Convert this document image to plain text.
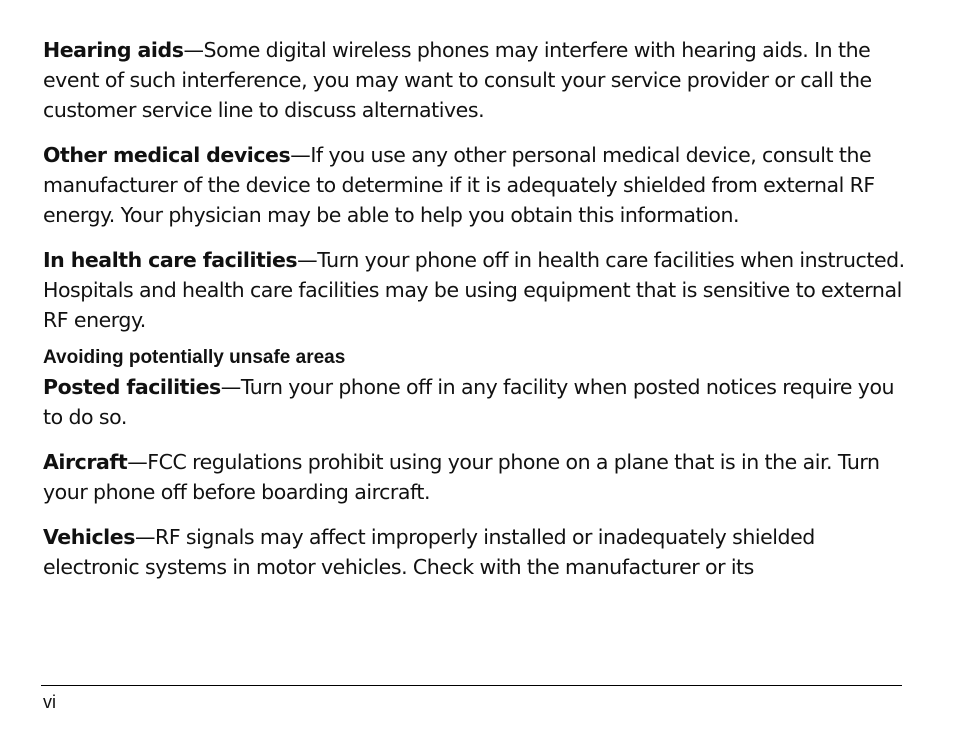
Hearing aids—Some digital wireless phones may interfere with hearing aids. In the event of such interference, you may want to consult your service provider or call the customer service line to discuss alternatives.

Other medical devices—If you use any other personal medical device, consult the manufacturer of the device to determine if it is adequately shielded from external RF energy. Your physician may be able to help you obtain this information.

In health care facilities—Turn your phone off in health care facilities when instructed. Hospitals and health care facilities may be using equipment that is sensitive to external RF energy.

Avoiding potentially unsafe areas

Posted facilities—Turn your phone off in any facility when posted notices require you to do so.

Aircraft—FCC regulations prohibit using your phone on a plane that is in the air. Turn your phone off before boarding aircraft.

Vehicles—RF signals may affect improperly installed or inadequately shielded electronic systems in motor vehicles. Check with the manufacturer or its

vi
